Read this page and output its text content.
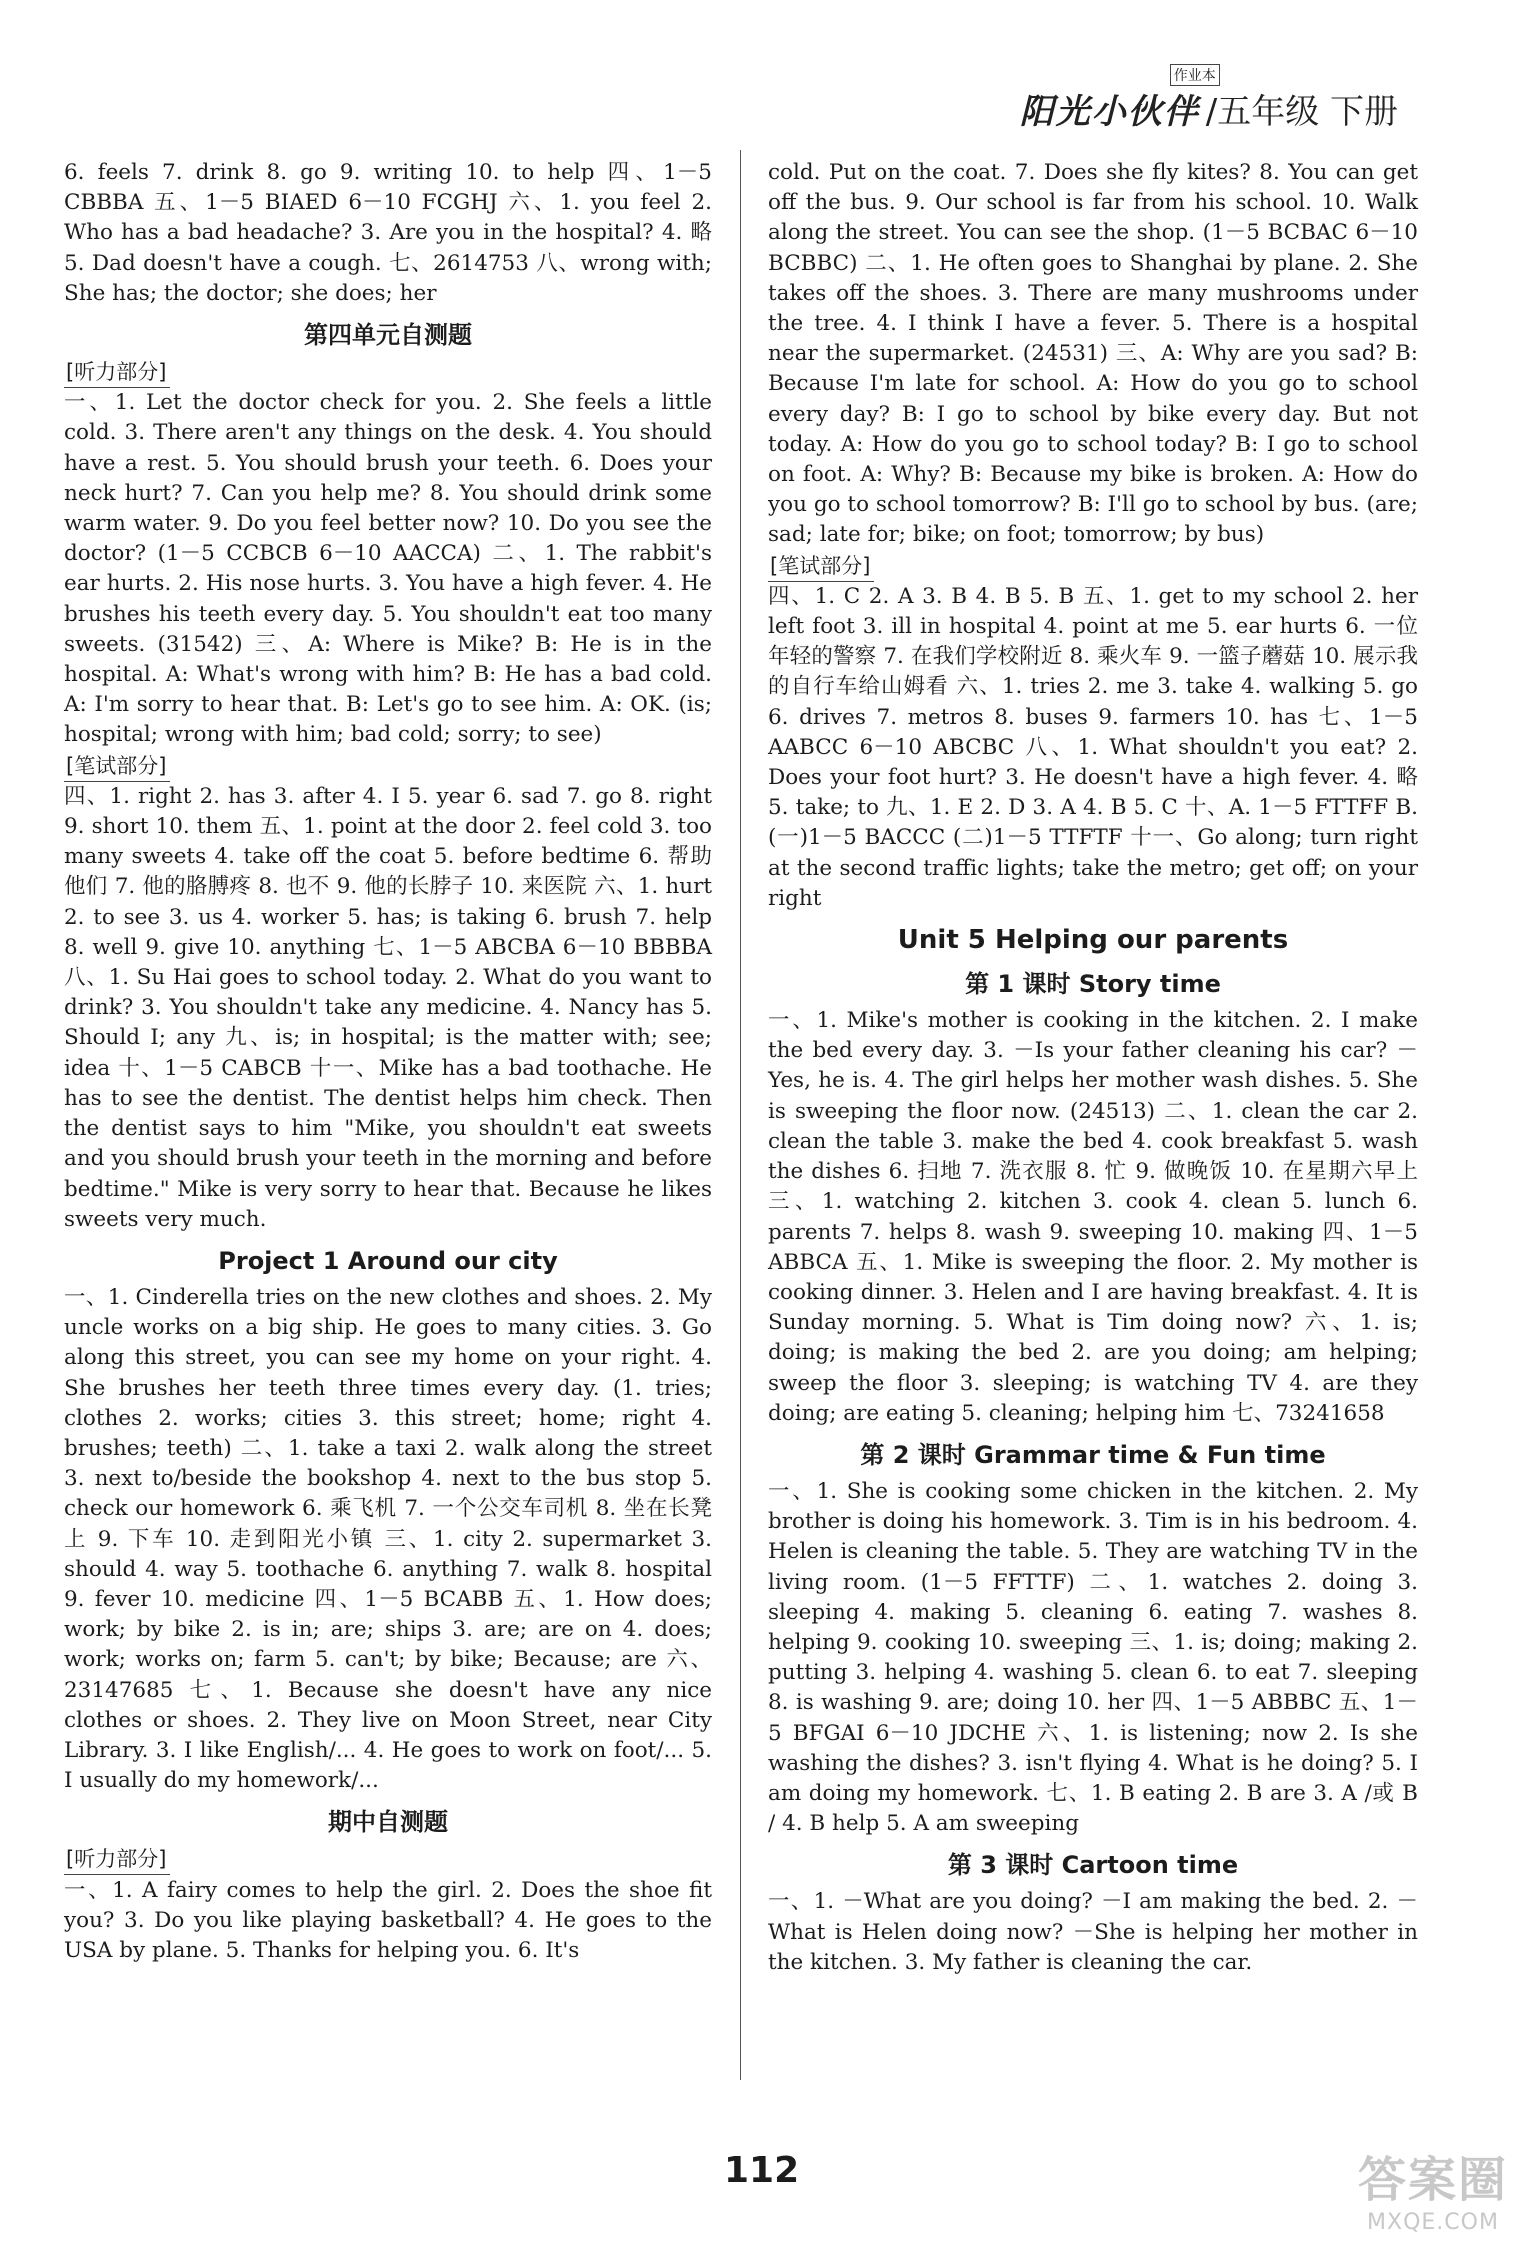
作业本
阳光小伙伴 /五年级 下册

6. feels 7. drink 8. go 9. writing 10. to help 四、1－5 CBBBA 五、1－5 BIAED 6－10 FCGHJ 六、1. you feel 2. Who has a bad headache? 3. Are you in the hospital? 4. 略 5. Dad doesn't have a cough. 七、2614753 八、wrong with; She has; the doctor; she does; her

第四单元自测题
[听力部分]

一、1. Let the doctor check for you. 2. She feels a little cold. 3. There aren't any things on the desk. 4. You should have a rest. 5. You should brush your teeth. 6. Does your neck hurt? 7. Can you help me? 8. You should drink some warm water. 9. Do you feel better now? 10. Do you see the doctor? (1－5 CCBCB 6－10 AACCA) 二、1. The rabbit's ear hurts. 2. His nose hurts. 3. You have a high fever. 4. He brushes his teeth every day. 5. You shouldn't eat too many sweets. (31542) 三、A: Where is Mike? B: He is in the hospital. A: What's wrong with him? B: He has a bad cold. A: I'm sorry to hear that. B: Let's go to see him. A: OK. (is; hospital; wrong with him; bad cold; sorry; to see)

[笔试部分]

四、1. right 2. has 3. after 4. I 5. year 6. sad 7. go 8. right 9. short 10. them 五、1. point at the door 2. feel cold 3. too many sweets 4. take off the coat 5. before bedtime 6. 帮助他们 7. 他的胳膊疼 8. 也不 9. 他的长脖子 10. 来医院 六、1. hurt 2. to see 3. us 4. worker 5. has; is taking 6. brush 7. help 8. well 9. give 10. anything 七、1－5 ABCBA 6－10 BBBBA 八、1. Su Hai goes to school today. 2. What do you want to drink? 3. You shouldn't take any medicine. 4. Nancy has 5. Should I; any 九、is; in hospital; is the matter with; see; idea 十、1－5 CABCB 十一、Mike has a bad toothache. He has to see the dentist. The dentist helps him check. Then the dentist says to him "Mike, you shouldn't eat sweets and you should brush your teeth in the morning and before bedtime." Mike is very sorry to hear that. Because he likes sweets very much.

Project 1 Around our city

一、1. Cinderella tries on the new clothes and shoes. 2. My uncle works on a big ship. He goes to many cities. 3. Go along this street, you can see my home on your right. 4. She brushes her teeth three times every day. (1. tries; clothes 2. works; cities 3. this street; home; right 4. brushes; teeth) 二、1. take a taxi 2. walk along the street 3. next to/beside the bookshop 4. next to the bus stop 5. check our homework 6. 乘飞机 7. 一个公交车司机 8. 坐在长凳上 9. 下车 10. 走到阳光小镇 三、1. city 2. supermarket 3. should 4. way 5. toothache 6. anything 7. walk 8. hospital 9. fever 10. medicine 四、1－5 BCABB 五、1. How does; work; by bike 2. is in; are; ships 3. are; are on 4. does; work; works on; farm 5. can't; by bike; Because; are 六、23147685 七、1. Because she doesn't have any nice clothes or shoes. 2. They live on Moon Street, near City Library. 3. I like English/... 4. He goes to work on foot/... 5. I usually do my homework/...

期中自测题
[听力部分]

一、1. A fairy comes to help the girl. 2. Does the shoe fit you? 3. Do you like playing basketball? 4. He goes to the USA by plane. 5. Thanks for helping you. 6. It's

cold. Put on the coat. 7. Does she fly kites? 8. You can get off the bus. 9. Our school is far from his school. 10. Walk along the street. You can see the shop. (1－5 BCBAC 6－10 BCBBC) 二、1. He often goes to Shanghai by plane. 2. She takes off the shoes. 3. There are many mushrooms under the tree. 4. I think I have a fever. 5. There is a hospital near the supermarket. (24531) 三、A: Why are you sad? B: Because I'm late for school. A: How do you go to school every day? B: I go to school by bike every day. But not today. A: How do you go to school today? B: I go to school on foot. A: Why? B: Because my bike is broken. A: How do you go to school tomorrow? B: I'll go to school by bus. (are; sad; late for; bike; on foot; tomorrow; by bus)

[笔试部分]

四、1. C 2. A 3. B 4. B 5. B 五、1. get to my school 2. her left foot 3. ill in hospital 4. point at me 5. ear hurts 6. 一位年轻的警察 7. 在我们学校附近 8. 乘火车 9. 一篮子蘑菇 10. 展示我的自行车给山姆看 六、1. tries 2. me 3. take 4. walking 5. go 6. drives 7. metros 8. buses 9. farmers 10. has 七、1－5 AABCC 6－10 ABCBC 八、1. What shouldn't you eat? 2. Does your foot hurt? 3. He doesn't have a high fever. 4. 略 5. take; to 九、1. E 2. D 3. A 4. B 5. C 十、A. 1－5 FTTFF B. (一)1－5 BACCC (二)1－5 TTFTF 十一、Go along; turn right at the second traffic lights; take the metro; get off; on your right

Unit 5 Helping our parents
第 1 课时 Story time

一、1. Mike's mother is cooking in the kitchen. 2. I make the bed every day. 3. －Is your father cleaning his car? －Yes, he is. 4. The girl helps her mother wash dishes. 5. She is sweeping the floor now. (24513) 二、1. clean the car 2. clean the table 3. make the bed 4. cook breakfast 5. wash the dishes 6. 扫地 7. 洗衣服 8. 忙 9. 做晚饭 10. 在星期六早上 三、1. watching 2. kitchen 3. cook 4. clean 5. lunch 6. parents 7. helps 8. wash 9. sweeping 10. making 四、1－5 ABBCA 五、1. Mike is sweeping the floor. 2. My mother is cooking dinner. 3. Helen and I are having breakfast. 4. It is Sunday morning. 5. What is Tim doing now? 六、1. is; doing; is making the bed 2. are you doing; am helping; sweep the floor 3. sleeping; is watching TV 4. are they doing; are eating 5. cleaning; helping him 七、73241658

第 2 课时 Grammar time & Fun time

一、1. She is cooking some chicken in the kitchen. 2. My brother is doing his homework. 3. Tim is in his bedroom. 4. Helen is cleaning the table. 5. They are watching TV in the living room. (1－5 FFTTF) 二、1. watches 2. doing 3. sleeping 4. making 5. cleaning 6. eating 7. washes 8. helping 9. cooking 10. sweeping 三、1. is; doing; making 2. putting 3. helping 4. washing 5. clean 6. to eat 7. sleeping 8. is washing 9. are; doing 10. her 四、1－5 ABBBC 五、1－5 BFGAI 6－10 JDCHE 六、1. is listening; now 2. Is she washing the dishes? 3. isn't flying 4. What is he doing? 5. I am doing my homework. 七、1. B eating 2. B are 3. A /或 B / 4. B help 5. A am sweeping

第 3 课时 Cartoon time

一、1. －What are you doing? －I am making the bed. 2. －What is Helen doing now? －She is helping her mother in the kitchen. 3. My father is cleaning the car.

112	答案圈
MXQE.COM
